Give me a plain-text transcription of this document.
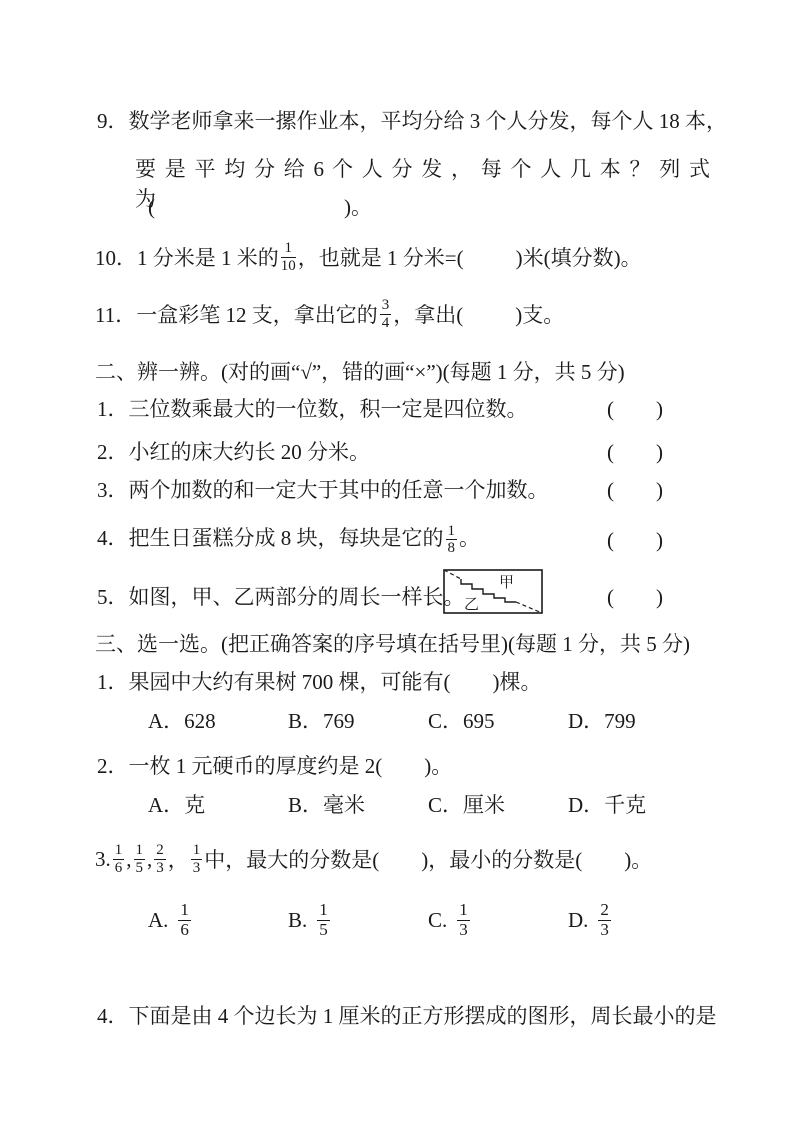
9．数学老师拿来一摞作业本，平均分给 3 个人分发，每个人 18 本，
要 是 平 均 分 给 6 个 人 分 发 ， 每 个 人 几 本 ？ 列 式 为
(　　　　　　　　　)。
10．1 分米是 1 米的 $\frac{1}{10}$ ，也就是 1 分米=( )米(填分数)。
11．一盒彩笔 12 支，拿出它的 $\frac{3}{4}$ ，拿出( )支。
二、辨一辨。(对的画“√”，错的画“×”)(每题 1 分，共 5 分)
1．三位数乘最大的一位数，积一定是四位数。	(　　)
2．小红的床大约长 20 分米。	(　　)
3．两个加数的和一定大于其中的任意一个加数。	(　　)
4．把生日蛋糕分成 8 块，每块是它的 $\frac{1}{8}$ 。	(　　)
5．如图，甲、乙两部分的周长一样长。	(　　)
甲
乙
三、选一选。(把正确答案的序号填在括号里)(每题 1 分，共 5 分)
1．果园中大约有果树 700 棵，可能有(　　)棵。
A．628	B．769	C．695	D．799
2．一枚 1 元硬币的厚度约是 2(　　)。
A．克	B．毫米	C．厘米	D．千克
3. $\frac{1}{6}$ , $\frac{1}{5}$ , $\frac{2}{3}$ ， $\frac{1}{3}$ 中，最大的分数是( )，最小的分数是( )。
A. $\frac{1}{6}$	B. $\frac{1}{5}$	C. $\frac{1}{3}$	D. $\frac{2}{3}$
4．下面是由 4 个边长为 1 厘米的正方形摆成的图形，周长最小的是
